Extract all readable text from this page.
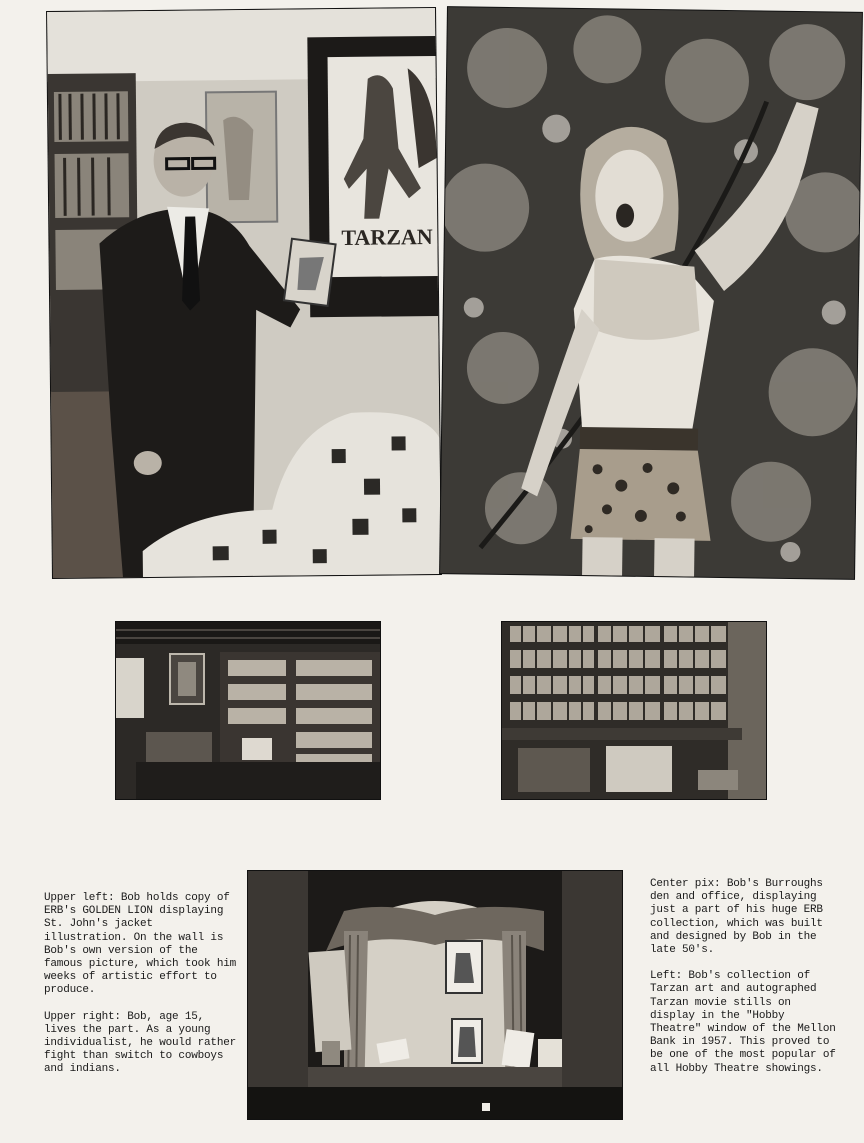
TARZAN

Upper left: Bob holds copy of ERB's GOLDEN LION displaying St. John's jacket illustration. On the wall is Bob's own version of the famous picture, which took him weeks of artistic effort to produce.

Upper right: Bob, age 15, lives the part. As a young individualist, he would rather fight than switch to cowboys and indians.

Center pix: Bob's Burroughs den and office, displaying just a part of his huge ERB collection, which was built and designed by Bob in the late 50's.

Left: Bob's collection of Tarzan art and autographed Tarzan movie stills on display in the "Hobby Theatre" window of the Mellon Bank in 1957. This proved to be one of the most popular of all Hobby Theatre showings.
